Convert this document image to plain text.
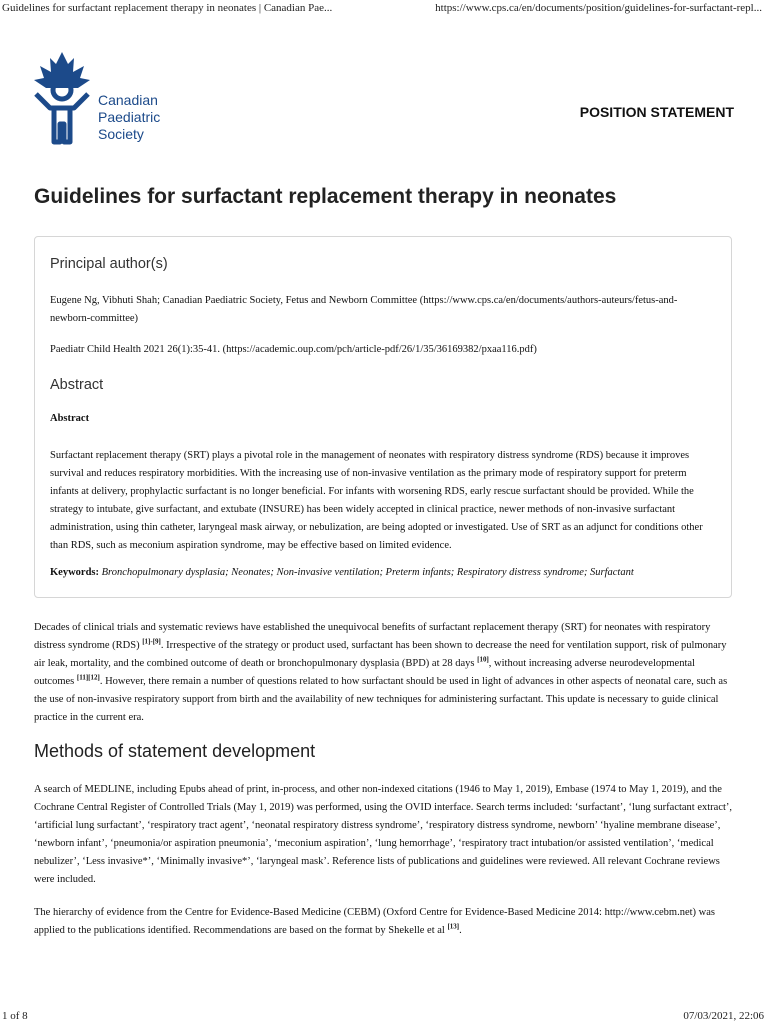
Guidelines for surfactant replacement therapy in neonates | Canadian Pae...	https://www.cps.ca/en/documents/position/guidelines-for-surfactant-repl...
Canadian
Paediatric
Society
POSITION STATEMENT
Guidelines for surfactant replacement therapy in neonates
Principal author(s)

Eugene Ng, Vibhuti Shah; Canadian Paediatric Society, Fetus and Newborn Committee (https://www.cps.ca/en/documents/authors-auteurs/fetus-and-newborn-committee)

Paediatr Child Health 2021 26(1):35-41. (https://academic.oup.com/pch/article-pdf/26/1/35/36169382/pxaa116.pdf)

Abstract
Abstract

Surfactant replacement therapy (SRT) plays a pivotal role in the management of neonates with respiratory distress syndrome (RDS) because it improves survival and reduces respiratory morbidities. With the increasing use of non-invasive ventilation as the primary mode of respiratory support for preterm infants at delivery, prophylactic surfactant is no longer beneficial. For infants with worsening RDS, early rescue surfactant should be provided. While the strategy to intubate, give surfactant, and extubate (INSURE) has been widely accepted in clinical practice, newer methods of non-invasive surfactant administration, using thin catheter, laryngeal mask airway, or nebulization, are being adopted or investigated. Use of SRT as an adjunct for conditions other than RDS, such as meconium aspiration syndrome, may be effective based on limited evidence.

Keywords: Bronchopulmonary dysplasia; Neonates; Non-invasive ventilation; Preterm infants; Respiratory distress syndrome; Surfactant

Decades of clinical trials and systematic reviews have established the unequivocal benefits of surfactant replacement therapy (SRT) for neonates with respiratory distress syndrome (RDS) [1]-[9]. Irrespective of the strategy or product used, surfactant has been shown to decrease the need for ventilation support, risk of pulmonary air leak, mortality, and the combined outcome of death or bronchopulmonary dysplasia (BPD) at 28 days [10], without increasing adverse neurodevelopmental outcomes [11][12]. However, there remain a number of questions related to how surfactant should be used in light of advances in other aspects of neonatal care, such as the use of non-invasive respiratory support from birth and the availability of new techniques for administering surfactant. This update is necessary to guide clinical practice in the current era.

Methods of statement development

A search of MEDLINE, including Epubs ahead of print, in-process, and other non-indexed citations (1946 to May 1, 2019), Embase (1974 to May 1, 2019), and the Cochrane Central Register of Controlled Trials (May 1, 2019) was performed, using the OVID interface. Search terms included: ‘surfactant’, ‘lung surfactant extract’, ‘artificial lung surfactant’, ‘respiratory tract agent’, ‘neonatal respiratory distress syndrome’, ‘respiratory distress syndrome, newborn’ ‘hyaline membrane disease’, ‘newborn infant’, ‘pneumonia/or aspiration pneumonia’, ‘meconium aspiration’, ‘lung hemorrhage’, ‘respiratory tract intubation/or assisted ventilation’, ‘medical nebulizer’, ‘Less invasive*’, ‘Minimally invasive*’, ‘laryngeal mask’. Reference lists of publications and guidelines were reviewed. All relevant Cochrane reviews were included.

The hierarchy of evidence from the Centre for Evidence-Based Medicine (CEBM) (Oxford Centre for Evidence-Based Medicine 2014: http://www.cebm.net) was applied to the publications identified. Recommendations are based on the format by Shekelle et al [13].

1 of 8	07/03/2021, 22:06
